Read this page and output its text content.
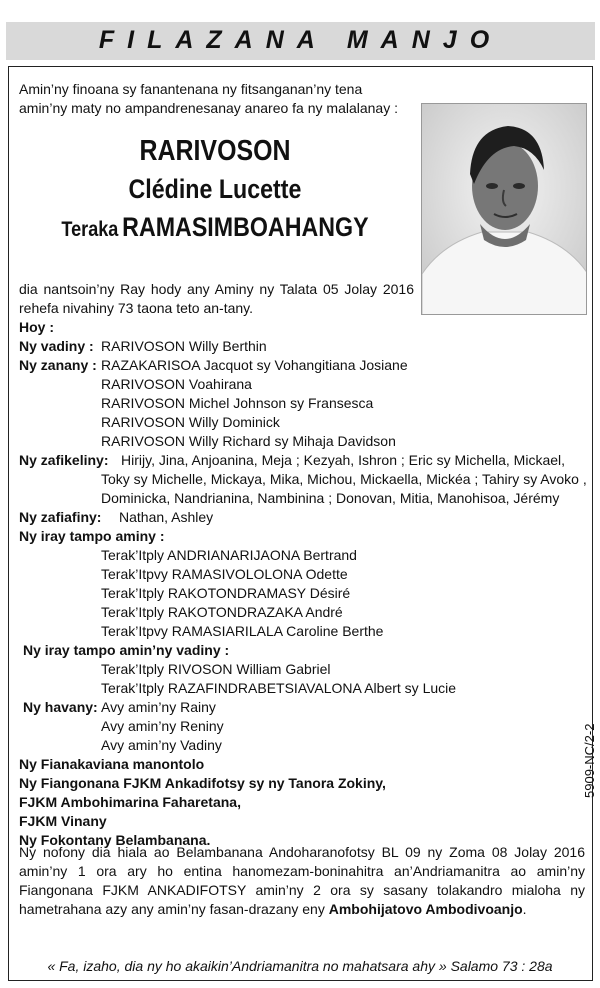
FILAZANA MANJO
Amin’ny finoana sy fanantenana ny fitsanganan’ny tena amin’ny maty no ampandrenesanay anareo fa ny malalanay :
RARIVOSON
Clédine Lucette
Teraka RAMASIMBOAHANGY
dia nantsoin’ny Ray hody any Aminy ny Talata 05 Jolay 2016 rehefa nivahiny 73 taona teto an-tany.
Hoy :
Ny vadiny : RARIVOSON Willy Berthin
Ny zanany : RAZAKARISOA Jacquot sy Vohangitiana Josiane
RARIVOSON Voahirana
RARIVOSON Michel Johnson sy Fransesca
RARIVOSON Willy Dominick
RARIVOSON Willy Richard sy Mihaja Davidson
Ny zafikeliny: Hirijy, Jina, Anjoanina, Meja ; Kezyah, Ishron ; Eric sy Michella, Mickael,
Toky sy Michelle, Mickaya, Mika, Michou, Mickaella, Mickéa ; Tahiry sy Avoko ,
Dominicka, Nandrianina, Nambinina ; Donovan, Mitia, Manohisoa, Jérémy
Ny zafiafiny: Nathan, Ashley
Ny iray tampo aminy :
Terak’Itply ANDRIANARIJAONA Bertrand
Terak’Itpvy RAMASIVOLOLONA Odette
Terak’Itply RAKOTONDRAMASY Désiré
Terak’Itply RAKOTONDRAZAKA André
Terak’Itpvy RAMASIARILALA Caroline Berthe
Ny iray tampo amin’ny vadiny :
Terak’Itply RIVOSON William Gabriel
Terak’Itply RAZAFINDRABETSIAVALONA Albert sy Lucie
Ny havany: Avy amin’ny Rainy
Avy amin’ny Reniny
Avy amin’ny Vadiny
Ny Fianakaviana manontolo
Ny Fiangonana FJKM Ankadifotsy sy ny Tanora Zokiny,
FJKM Ambohimarina Faharetana,
FJKM Vinany
Ny Fokontany Belambanana.
5909-NC/2-2
Ny nofony dia hiala ao Belambanana Andoharanofotsy BL 09 ny Zoma 08 Jolay 2016 amin’ny 1 ora ary ho entina hanomezam-boninahitra an’Andriamanitra ao amin’ny Fiangonana FJKM ANKADIFOTSY amin’ny 2 ora sy sasany tolakandro mialoha ny hametrahana azy any amin’ny fasan-drazany eny Ambohijatovo Ambodivoanjo.
« Fa, izaho, dia ny ho akaikin’Andriamanitra no mahatsara ahy » Salamo 73 : 28a
